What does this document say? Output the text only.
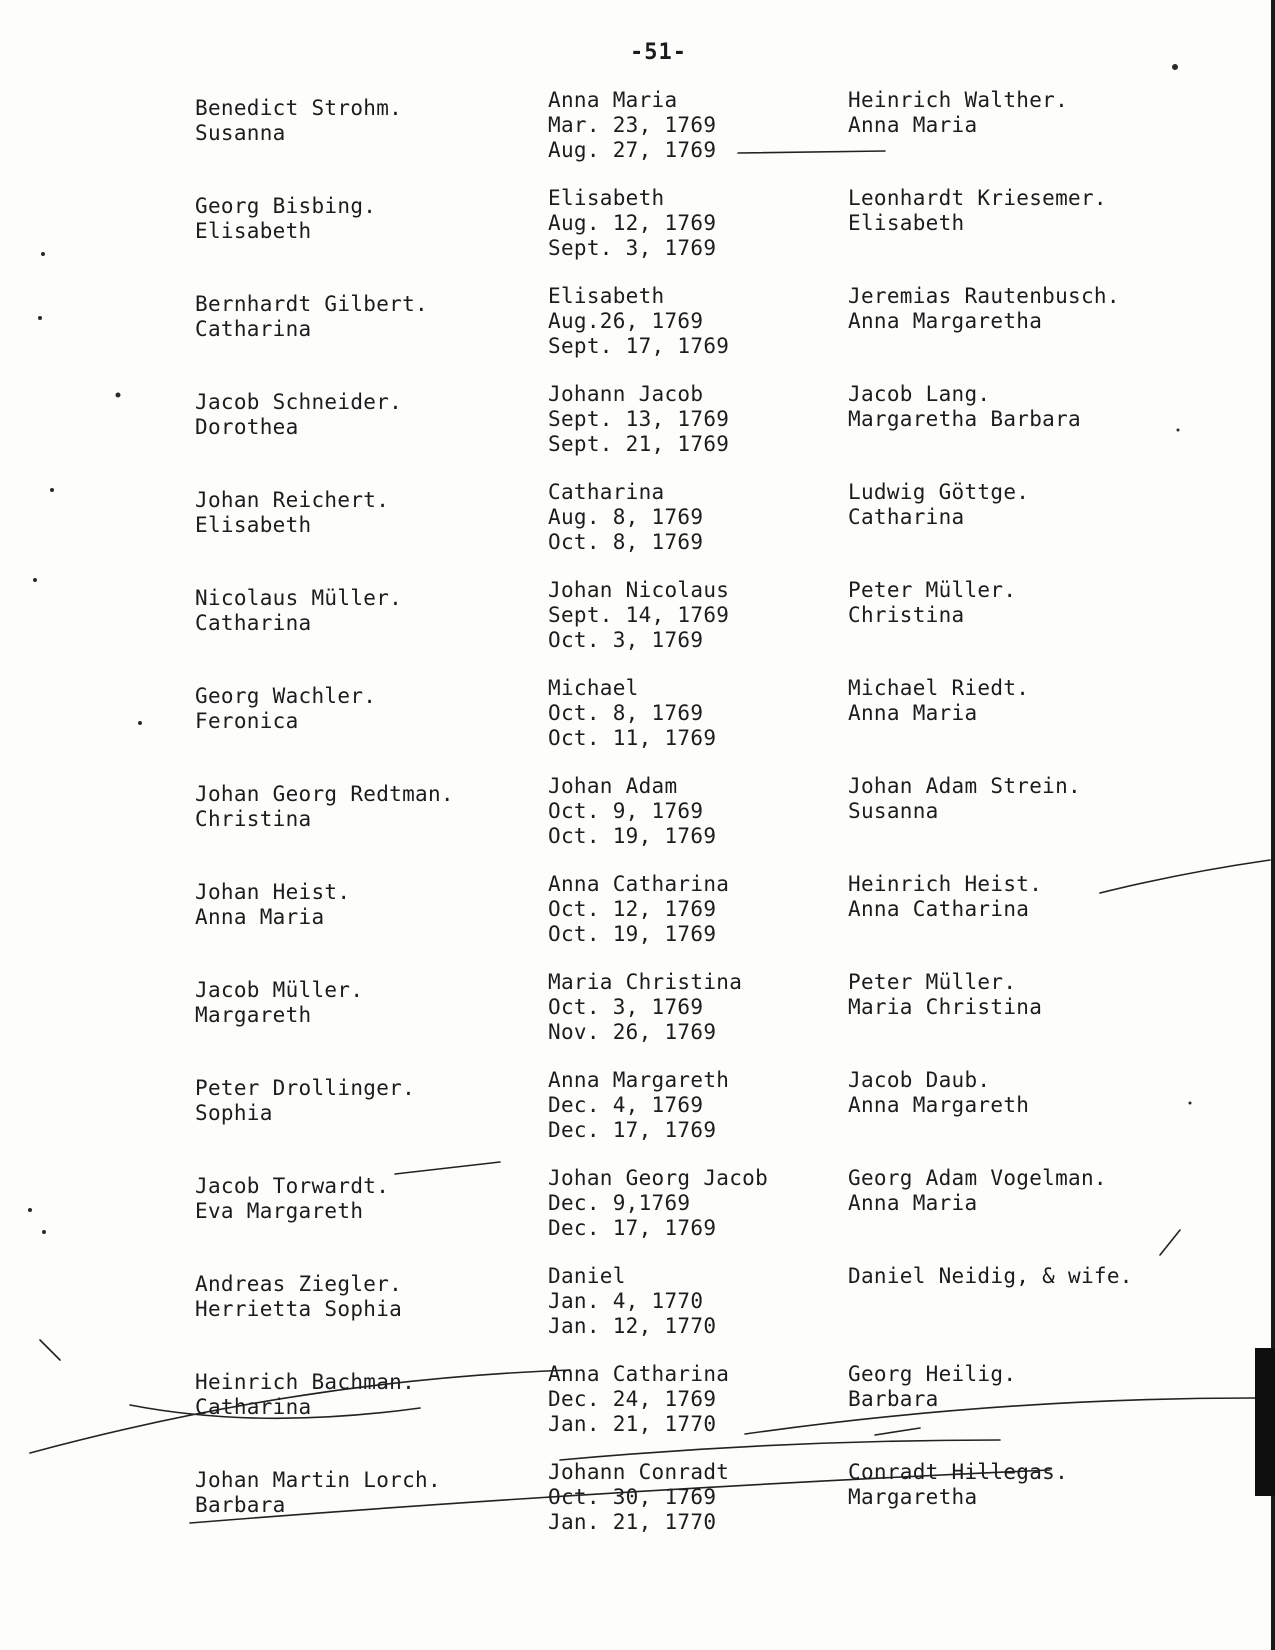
-51-
Benedict Strohm.
Susanna
Anna Maria
Mar. 23, 1769
Aug. 27, 1769
Heinrich Walther.
Anna Maria
Georg Bisbing.
Elisabeth
Elisabeth
Aug. 12, 1769
Sept. 3, 1769
Leonhardt Kriesemer.
Elisabeth
Bernhardt Gilbert.
Catharina
Elisabeth
Aug.26, 1769
Sept. 17, 1769
Jeremias Rautenbusch.
Anna Margaretha
Jacob Schneider.
Dorothea
Johann Jacob
Sept. 13, 1769
Sept. 21, 1769
Jacob Lang.
Margaretha Barbara
Johan Reichert.
Elisabeth
Catharina
Aug. 8, 1769
Oct. 8, 1769
Ludwig Göttge.
Catharina
Nicolaus Müller.
Catharina
Johan Nicolaus
Sept. 14, 1769
Oct. 3, 1769
Peter Müller.
Christina
Georg Wachler.
Feronica
Michael
Oct. 8, 1769
Oct. 11, 1769
Michael Riedt.
Anna Maria
Johan Georg Redtman.
Christina
Johan Adam
Oct. 9, 1769
Oct. 19, 1769
Johan Adam Strein.
Susanna
Johan Heist.
Anna Maria
Anna Catharina
Oct. 12, 1769
Oct. 19, 1769
Heinrich Heist.
Anna Catharina
Jacob Müller.
Margareth
Maria Christina
Oct. 3, 1769
Nov. 26, 1769
Peter Müller.
Maria Christina
Peter Drollinger.
Sophia
Anna Margareth
Dec. 4, 1769
Dec. 17, 1769
Jacob Daub.
Anna Margareth
Jacob Torwardt.
Eva Margareth
Johan Georg Jacob
Dec. 9,1769
Dec. 17, 1769
Georg Adam Vogelman.
Anna Maria
Andreas Ziegler.
Herrietta Sophia
Daniel
Jan. 4, 1770
Jan. 12, 1770
Daniel Neidig, & wife.
Heinrich Bachman.
Catharina
Anna Catharina
Dec. 24, 1769
Jan. 21, 1770
Georg Heilig.
Barbara
Johan Martin Lorch.
Barbara
Johann Conradt
Oct. 30, 1769
Jan. 21, 1770
Conradt Hillegas.
Margaretha
